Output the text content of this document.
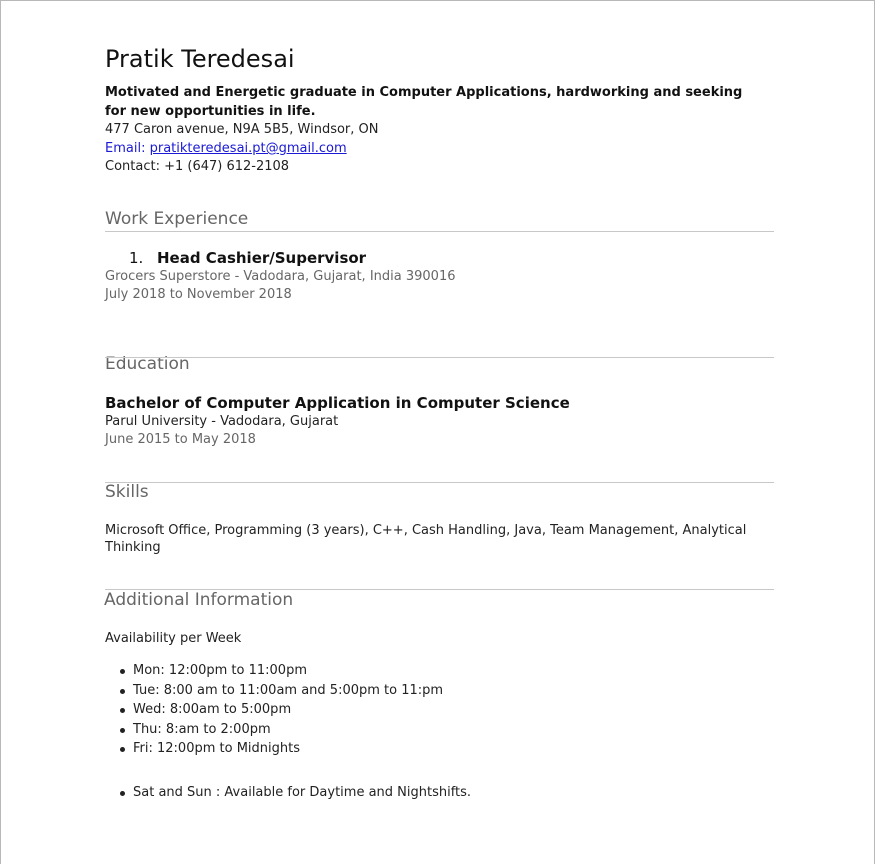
Pratik Teredesai
Motivated and Energetic graduate in Computer Applications, hardworking and seeking for new opportunities in life.
477 Caron avenue, N9A 5B5, Windsor, ON
Email: pratikteredesai.pt@gmail.com
Contact: +1 (647) 612-2108
Work Experience
1. Head Cashier/Supervisor
Grocers Superstore - Vadodara, Gujarat, India 390016
July 2018 to November 2018
Education
Bachelor of Computer Application in Computer Science
Parul University - Vadodara, Gujarat
June 2015 to May 2018
Skills
Microsoft Office, Programming (3 years), C++, Cash Handling, Java, Team Management, Analytical Thinking
Additional Information
Availability per Week
Mon: 12:00pm to 11:00pm
Tue: 8:00 am to 11:00am and 5:00pm to 11:pm
Wed: 8:00am to 5:00pm
Thu: 8:am to 2:00pm
Fri: 12:00pm to Midnights
Sat and Sun : Available for Daytime and Nightshifts.
